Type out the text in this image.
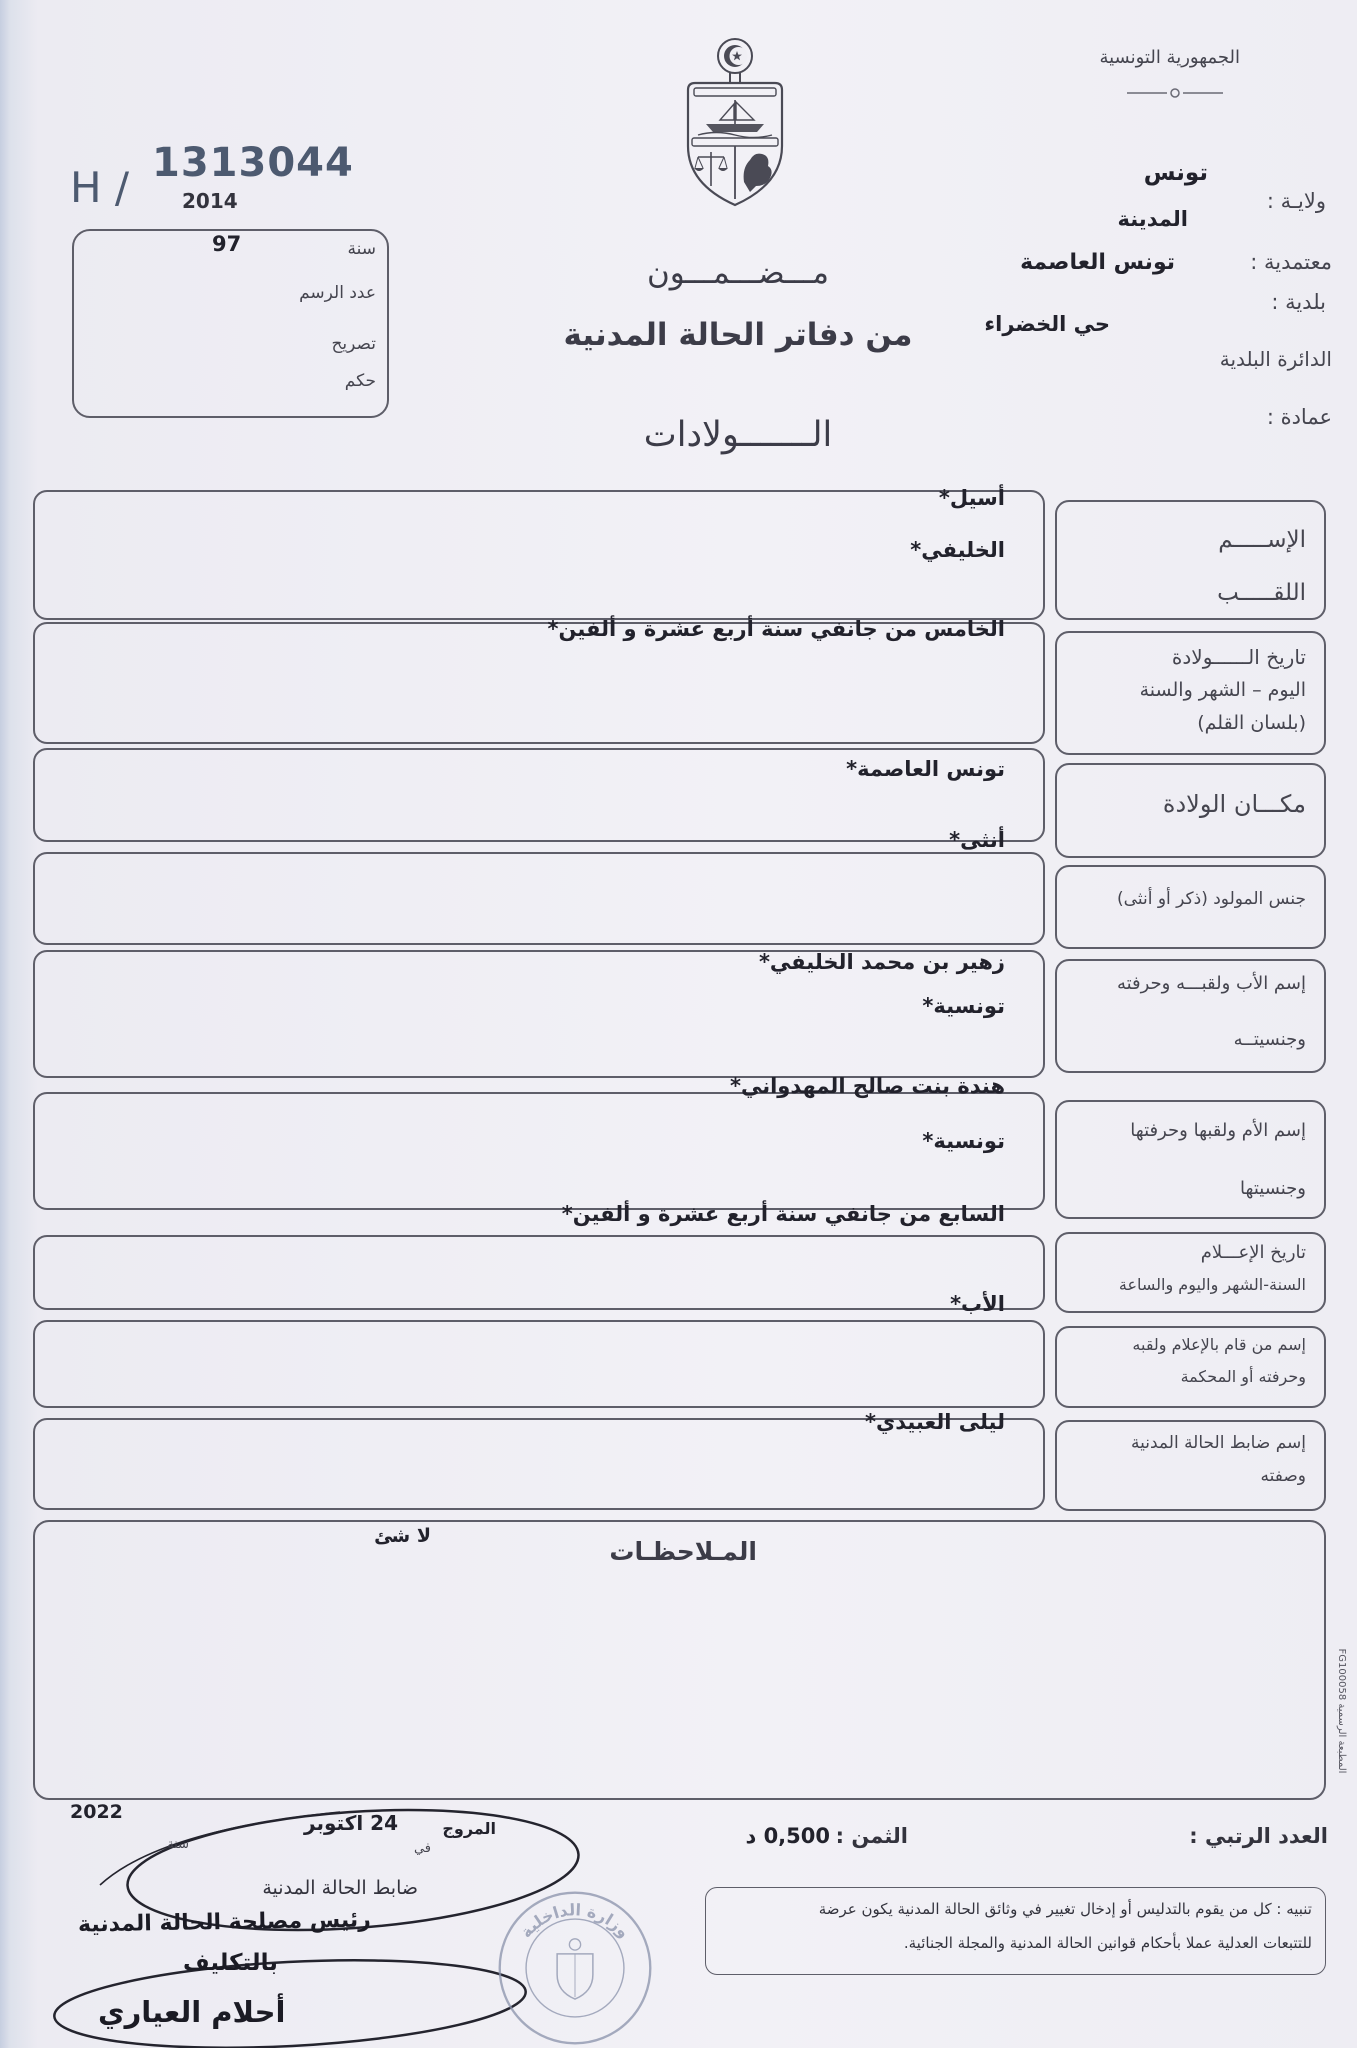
الجمهورية التونسية
ولايـة :
تونس
المدينة
معتمدية :
تونس العاصمة
بلدية :
حي الخضراء
الدائرة البلدية
عمادة :
H / 1313044
2014
97	سنة
عدد الرسم
تصريح
حكم
مـــضـــمـــون
من دفاتر الحالة المدنية
الـــــــولادات
الإســـــم
اللقـــــب
أسيل*
الخليفي*
تاريخ الــــــولادة
اليوم – الشهر والسنة
(بلسان القلم)
الخامس من جانفي سنة أربع عشرة و ألفين*
مكـــان الولادة
تونس العاصمة*
جنس المولود (ذكر أو أنثى)
أنثى*
إسم الأب ولقبـــه وحرفته
وجنسيتــه
زهير بن محمد الخليفي*
تونسية*
إسم الأم ولقبها وحرفتها
وجنسيتها
هندة بنت صالح المهدواني*
تونسية*
تاريخ الإعـــلام
السنة-الشهر واليوم والساعة
السابع من جانفي سنة أربع عشرة و ألفين*
إسم من قام بالإعلام ولقبه
وحرفته أو المحكمة
الأب*
إسم ضابط الحالة المدنية
وصفته
ليلى العبيدي*
المـلاحظـات
لا شئ
المطبعة الرسمية FG100058
العدد الرتبي :
الثمن :
0,500 د
المروج
في
24 اكتوبر
سنة
2022
ضابط الحالة المدنية
وزارة الداخلية
رئيس مصلحة الحالة المدنية
بالتكليف
أحلام العياري
تنبيه : كل من يقوم بالتدليس أو إدخال تغيير في وثائق الحالة المدنية يكون عرضة
للتتبعات العدلية عملا بأحكام قوانين الحالة المدنية والمجلة الجنائية.
